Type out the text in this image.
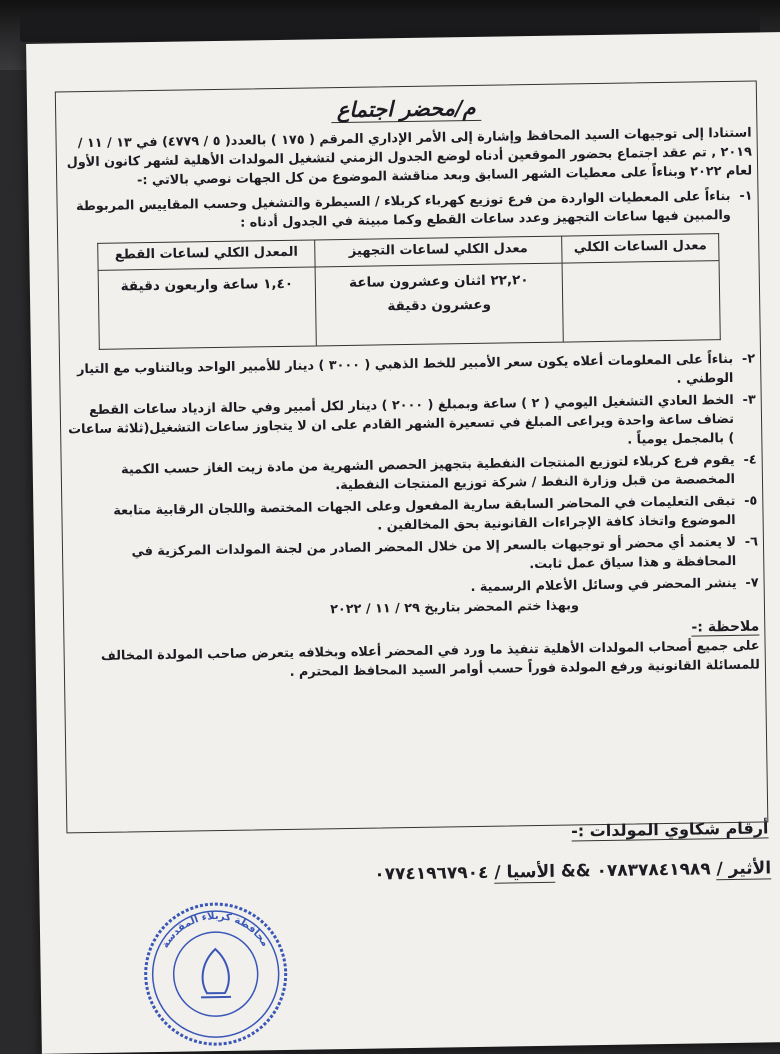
م/محضر اجتماع

استنادا إلى توجيهات السيد المحافظ وإشارة إلى الأمر الإداري المرقم ( ١٧٥ ) بالعدد( ٥ / ٤٧٧٩) في ١٣ / ١١ / ٢٠١٩ , تم عقد اجتماع بحضور الموقعين أدناه لوضع الجدول الزمني لتشغيل المولدات الأهلية لشهر كانون الأول لعام ٢٠٢٢ وبناءاً على معطيات الشهر السابق وبعد مناقشة الموضوع من كل الجهات نوصي بالاتي :-

١-

بناءاً على المعطيات الواردة من فرع توزيع كهرباء كربلاء / السيطرة والتشغيل وحسب المقاييس المربوطة والمبين فيها ساعات التجهيز وعدد ساعات القطع وكما مبينة في الجدول أدناه :

معدل الساعات الكلي	معدل الكلي لساعات التجهيز	المعدل الكلي لساعات القطع
	٢٢,٢٠ اثنان وعشرون ساعة وعشرون دقيقة	١,٤٠ ساعة واربعون دقيقة
٢-

بناءاً على المعلومات أعلاه يكون سعر الأمبير للخط الذهبي ( ٣٠٠٠ ) دينار للأمبير الواحد وبالتناوب مع التيار الوطني .

٣-

الخط العادي التشغيل اليومي ( ٢ ) ساعة وبمبلغ ( ٢٠٠٠ ) دينار لكل أمبير وفي حالة ازدياد ساعات القطع تضاف ساعة واحدة ويراعى المبلغ في تسعيرة الشهر القادم على ان لا يتجاوز ساعات التشغيل(ثلاثة ساعات ) بالمجمل يومياً .

٤-

يقوم فرع كربلاء لتوزيع المنتجات النفطية بتجهيز الحصص الشهرية من مادة زيت الغاز حسب الكمية المخصصة من قبل وزارة النفط / شركة توزيع المنتجات النفطية.

٥-

تبقى التعليمات في المحاضر السابقة سارية المفعول وعلى الجهات المختصة واللجان الرقابية متابعة الموضوع واتخاذ كافة الإجراءات القانونية بحق المخالفين .

٦-

لا يعتمد أي محضر أو توجيهات بالسعر إلا من خلال المحضر الصادر من لجنة المولدات المركزية في المحافظة و هذا سياق عمل ثابت.

٧-

ينشر المحضر في وسائل الأعلام الرسمية .

وبهذا ختم المحضر بتاريخ ٢٩ / ١١ / ٢٠٢٢

ملاحظة :-

على جميع أصحاب المولدات الأهلية تنفيذ ما ورد في المحضر أعلاه وبخلافه يتعرض صاحب المولدة المخالف للمسائلة القانونية ورفع المولدة فوراً حسب أوامر السيد المحافظ المحترم .

أرقام شكاوي المولدات :-
الأثير / ٠٧٨٣٧٨٤١٩٨٩ && الأسيا / ٠٧٧٤١٩٦٧٩٠٤
محافظة كربلاء المقدسة
